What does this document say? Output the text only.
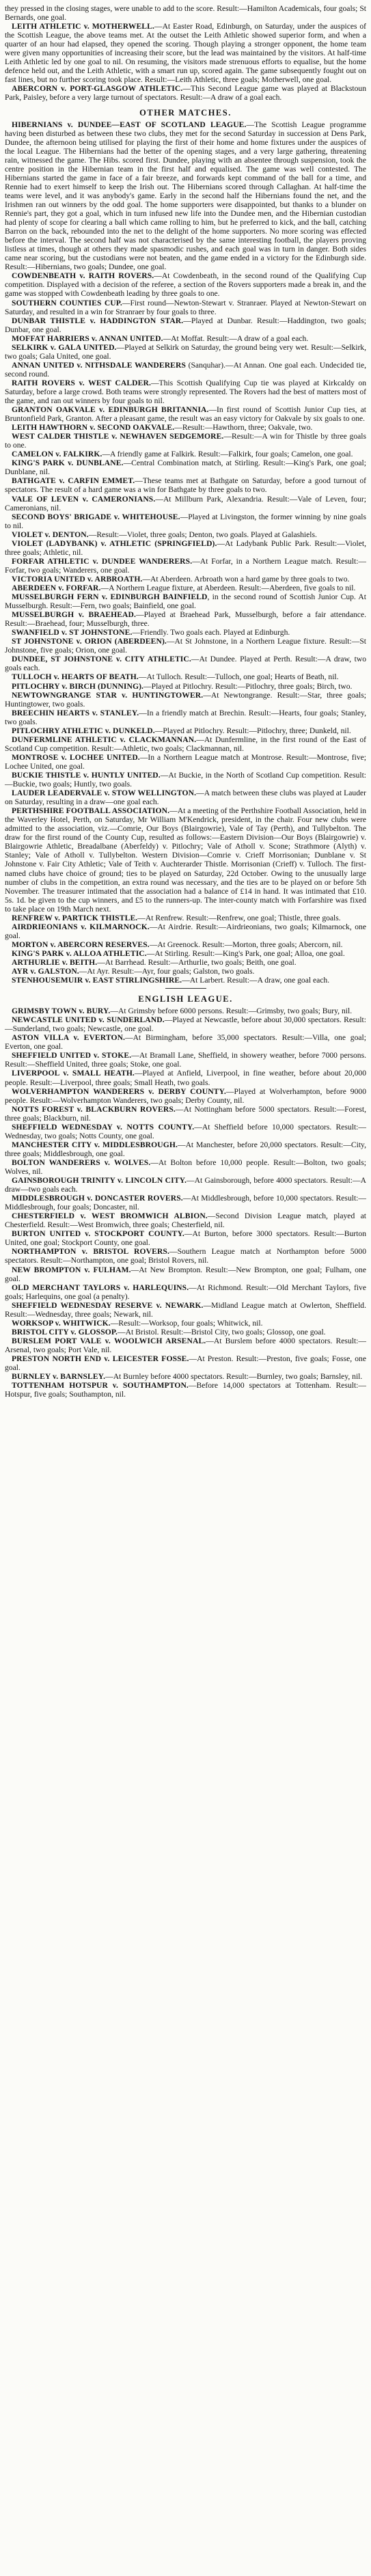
they pressed in the closing stages, were unable to add to the score. Result:—Hamilton Academicals, four goals; St Bernards, one goal.

LEITH ATHLETIC v. MOTHERWELL.—At Easter Road, Edinburgh, on Saturday, under the auspices of the Scottish League, the above teams met. At the outset the Leith Athletic showed superior form, and when a quarter of an hour had elapsed, they opened the scoring. Though playing a stronger opponent, the home team were given many opportunities of increasing their score, but the lead was maintained by the visitors. At half-time Leith Athletic led by one goal to nil. On resuming, the visitors made strenuous efforts to equalise, but the home defence held out, and the Leith Athletic, with a smart run up, scored again. The game subsequently fought out on fast lines, but no further scoring took place. Result:—Leith Athletic, three goals; Motherwell, one goal.

ABERCORN v. PORT-GLASGOW ATHLETIC.—This Second League game was played at Blackstoun Park, Paisley, before a very large turnout of spectators. Result:—A draw of a goal each.

OTHER MATCHES.

HIBERNIANS v. DUNDEE—EAST OF SCOTLAND LEAGUE.—The Scottish League programme having been disturbed as between these two clubs, they met for the second Saturday in succession at Dens Park, Dundee, the afternoon being utilised for playing the first of their home and home fixtures under the auspices of the local League. The Hibernians had the better of the opening stages, and a very large gathering, threatening rain, witnessed the game. The Hibs. scored first. Dundee, playing with an absentee through suspension, took the centre position in the Hibernian team in the first half and equalised. The game was well contested. The Hibernians started the game in face of a fair breeze, and forwards kept command of the ball for a time, and Rennie had to exert himself to keep the Irish out. The Hibernians scored through Callaghan. At half-time the teams were level, and it was anybody's game. Early in the second half the Hibernians found the net, and the Irishmen ran out winners by the odd goal. The home supporters were disappointed, but thanks to a blunder on Rennie's part, they got a goal, which in turn infused new life into the Dundee men, and the Hibernian custodian had plenty of scope for clearing a ball which came rolling to him, but he preferred to kick, and the ball, catching Barron on the back, rebounded into the net to the delight of the home supporters. No more scoring was effected before the interval. The second half was not characterised by the same interesting football, the players proving listless at times, though at others they made spasmodic rushes, and each goal was in turn in danger. Both sides came near scoring, but the custodians were not beaten, and the game ended in a victory for the Edinburgh side. Result:—Hibernians, two goals; Dundee, one goal.

COWDENBEATH v. RAITH ROVERS.—At Cowdenbeath, in the second round of the Qualifying Cup competition. Displayed with a decision of the referee, a section of the Rovers supporters made a break in, and the game was stopped with Cowdenbeath leading by three goals to one.

SOUTHERN COUNTIES CUP.—First round—Newton-Stewart v. Stranraer. Played at Newton-Stewart on Saturday, and resulted in a win for Stranraer by four goals to three.

DUNBAR THISTLE v. HADDINGTON STAR.—Played at Dunbar. Result:—Haddington, two goals; Dunbar, one goal.

MOFFAT HARRIERS v. ANNAN UNITED.—At Moffat. Result:—A draw of a goal each.

SELKIRK v. GALA UNITED.—Played at Selkirk on Saturday, the ground being very wet. Result:—Selkirk, two goals; Gala United, one goal.

ANNAN UNITED v. NITHSDALE WANDERERS (Sanquhar).—At Annan. One goal each. Undecided tie, second round.

RAITH ROVERS v. WEST CALDER.—This Scottish Qualifying Cup tie was played at Kirkcaldy on Saturday, before a large crowd. Both teams were strongly represented. The Rovers had the best of matters most of the game, and ran out winners by four goals to nil.

GRANTON OAKVALE v. EDINBURGH BRITANNIA.—In first round of Scottish Junior Cup ties, at Bruntonfield Park, Granton. After a pleasant game, the result was an easy victory for Oakvale by six goals to one.

LEITH HAWTHORN v. SECOND OAKVALE.—Result:—Hawthorn, three; Oakvale, two.

WEST CALDER THISTLE v. NEWHAVEN SEDGEMORE.—Result:—A win for Thistle by three goals to one.

CAMELON v. FALKIRK.—A friendly game at Falkirk. Result:—Falkirk, four goals; Camelon, one goal.

KING'S PARK v. DUNBLANE.—Central Combination match, at Stirling. Result:—King's Park, one goal; Dunblane, nil.

BATHGATE v. CARFIN EMMET.—These teams met at Bathgate on Saturday, before a good turnout of spectators. The result of a hard game was a win for Bathgate by three goals to two.

VALE OF LEVEN v. CAMERONIANS.—At Millburn Park, Alexandria. Result:—Vale of Leven, four; Cameronians, nil.

SECOND BOYS' BRIGADE v. WHITEHOUSE.—Played at Livingston, the former winning by nine goals to nil.

VIOLET v. DENTON.—Result:—Violet, three goals; Denton, two goals. Played at Galashiels.

VIOLET (LADYBANK) v. ATHLETIC (SPRINGFIELD).—At Ladybank Public Park. Result:—Violet, three goals; Athletic, nil.

FORFAR ATHLETIC v. DUNDEE WANDERERS.—At Forfar, in a Northern League match. Result:—Forfar, two goals; Wanderers, one goal.

VICTORIA UNITED v. ARBROATH.—At Aberdeen. Arbroath won a hard game by three goals to two.

ABERDEEN v. FORFAR.—A Northern League fixture, at Aberdeen. Result:—Aberdeen, five goals to nil.

MUSSELBURGH FERN v. EDINBURGH BAINFIELD, in the second round of Scottish Junior Cup. At Musselburgh. Result:—Fern, two goals; Bainfield, one goal.

MUSSELBURGH v. BRAEHEAD.—Played at Braehead Park, Musselburgh, before a fair attendance. Result:—Braehead, four; Musselburgh, three.

SWANFIELD v. ST JOHNSTONE.—Friendly. Two goals each. Played at Edinburgh.

ST JOHNSTONE v. ORION (ABERDEEN).—At St Johnstone, in a Northern League fixture. Result:—St Johnstone, five goals; Orion, one goal.

DUNDEE, ST JOHNSTONE v. CITY ATHLETIC.—At Dundee. Played at Perth. Result:—A draw, two goals each.

TULLOCH v. HEARTS OF BEATH.—At Tulloch. Result:—Tulloch, one goal; Hearts of Beath, nil.

PITLOCHRY v. BIRCH (DUNNING).—Played at Pitlochry. Result:—Pitlochry, three goals; Birch, two.

NEWTOWNGRANGE STAR v. HUNTINGTOWER.—At Newtongrange. Result:—Star, three goals; Huntingtower, two goals.

BREECHIN HEARTS v. STANLEY.—In a friendly match at Brechin. Result:—Hearts, four goals; Stanley, two goals.

PITLOCHRY ATHLETIC v. DUNKELD.—Played at Pitlochry. Result:—Pitlochry, three; Dunkeld, nil.

DUNFERMLINE ATHLETIC v. CLACKMANNAN.—At Dunfermline, in the first round of the East of Scotland Cup competition. Result:—Athletic, two goals; Clackmannan, nil.

MONTROSE v. LOCHEE UNITED.—In a Northern League match at Montrose. Result:—Montrose, five; Lochee United, one goal.

BUCKIE THISTLE v. HUNTLY UNITED.—At Buckie, in the North of Scotland Cup competition. Result:—Buckie, two goals; Huntly, two goals.

LAUDER LEADERVALE v. STOW WELLINGTON.—A match between these clubs was played at Lauder on Saturday, resulting in a draw—one goal each.

PERTHSHIRE FOOTBALL ASSOCIATION.—At a meeting of the Perthshire Football Association, held in the Waverley Hotel, Perth, on Saturday, Mr William M'Kendrick, president, in the chair. Four new clubs were admitted to the association, viz.—Comrie, Our Boys (Blairgowrie), Vale of Tay (Perth), and Tullybelton. The draw for the first round of the County Cup, resulted as follows:—Eastern Division—Our Boys (Blairgowrie) v. Blairgowrie Athletic, Breadalbane (Aberfeldy) v. Pitlochry; Vale of Atholl v. Scone; Strathmore (Alyth) v. Stanley; Vale of Atholl v. Tullybelton. Western Division—Comrie v. Crieff Morrisonian; Dunblane v. St Johnstone v. Fair City Athletic; Vale of Teith v. Auchterarder Thistle. Morrisonian (Crieff) v. Tulloch. The first-named clubs have choice of ground; ties to be played on Saturday, 22d October. Owing to the unusually large number of clubs in the competition, an extra round was necessary, and the ties are to be played on or before 5th November. The treasurer intimated that the association had a balance of £14 in hand. It was intimated that £10. 5s. 1d. be given to the cup winners, and £5 to the runners-up. The inter-county match with Forfarshire was fixed to take place on 19th March next.

RENFREW v. PARTICK THISTLE.—At Renfrew. Result:—Renfrew, one goal; Thistle, three goals.

AIRDRIEONIANS v. KILMARNOCK.—At Airdrie. Result:—Airdrieonians, two goals; Kilmarnock, one goal.

MORTON v. ABERCORN RESERVES.—At Greenock. Result:—Morton, three goals; Abercorn, nil.

KING'S PARK v. ALLOA ATHLETIC.—At Stirling. Result:—King's Park, one goal; Alloa, one goal.

ARTHURLIE v. BEITH.—At Barrhead. Result:—Arthurlie, two goals; Beith, one goal.

AYR v. GALSTON.—At Ayr. Result:—Ayr, four goals; Galston, two goals.

STENHOUSEMUIR v. EAST STIRLINGSHIRE.—At Larbert. Result:—A draw, one goal each.

ENGLISH LEAGUE.

GRIMSBY TOWN v. BURY.—At Grimsby before 6000 persons. Result:—Grimsby, two goals; Bury, nil.

NEWCASTLE UNITED v. SUNDERLAND.—Played at Newcastle, before about 30,000 spectators. Result:—Sunderland, two goals; Newcastle, one goal.

ASTON VILLA v. EVERTON.—At Birmingham, before 35,000 spectators. Result:—Villa, one goal; Everton, one goal.

SHEFFIELD UNITED v. STOKE.—At Bramall Lane, Sheffield, in showery weather, before 7000 persons. Result:—Sheffield United, three goals; Stoke, one goal.

LIVERPOOL v. SMALL HEATH.—Played at Anfield, Liverpool, in fine weather, before about 20,000 people. Result:—Liverpool, three goals; Small Heath, two goals.

WOLVERHAMPTON WANDERERS v. DERBY COUNTY.—Played at Wolverhampton, before 9000 people. Result:—Wolverhampton Wanderers, two goals; Derby County, nil.

NOTTS FOREST v. BLACKBURN ROVERS.—At Nottingham before 5000 spectators. Result:—Forest, three goals; Blackburn, nil.

SHEFFIELD WEDNESDAY v. NOTTS COUNTY.—At Sheffield before 10,000 spectators. Result:—Wednesday, two goals; Notts County, one goal.

MANCHESTER CITY v. MIDDLESBROUGH.—At Manchester, before 20,000 spectators. Result:—City, three goals; Middlesbrough, one goal.

BOLTON WANDERERS v. WOLVES.—At Bolton before 10,000 people. Result:—Bolton, two goals; Wolves, nil.

GAINSBOROUGH TRINITY v. LINCOLN CITY.—At Gainsborough, before 4000 spectators. Result:—A draw—two goals each.

MIDDLESBROUGH v. DONCASTER ROVERS.—At Middlesbrough, before 10,000 spectators. Result:—Middlesbrough, four goals; Doncaster, nil.

CHESTERFIELD v. WEST BROMWICH ALBION.—Second Division League match, played at Chesterfield. Result:—West Bromwich, three goals; Chesterfield, nil.

BURTON UNITED v. STOCKPORT COUNTY.—At Burton, before 3000 spectators. Result:—Burton United, one goal; Stockport County, one goal.

NORTHAMPTON v. BRISTOL ROVERS.—Southern League match at Northampton before 5000 spectators. Result:—Northampton, one goal; Bristol Rovers, nil.

NEW BROMPTON v. FULHAM.—At New Brompton. Result:—New Brompton, one goal; Fulham, one goal.

OLD MERCHANT TAYLORS v. HARLEQUINS.—At Richmond. Result:—Old Merchant Taylors, five goals; Harlequins, one goal (a penalty).

SHEFFIELD WEDNESDAY RESERVE v. NEWARK.—Midland League match at Owlerton, Sheffield. Result:—Wednesday, three goals; Newark, nil.

WORKSOP v. WHITWICK.—Result:—Worksop, four goals; Whitwick, nil.

BRISTOL CITY v. GLOSSOP.—At Bristol. Result:—Bristol City, two goals; Glossop, one goal.

BURSLEM PORT VALE v. WOOLWICH ARSENAL.—At Burslem before 4000 spectators. Result:—Arsenal, two goals; Port Vale, nil.

PRESTON NORTH END v. LEICESTER FOSSE.—At Preston. Result:—Preston, five goals; Fosse, one goal.

BURNLEY v. BARNSLEY.—At Burnley before 4000 spectators. Result:—Burnley, two goals; Barnsley, nil.

TOTTENHAM HOTSPUR v. SOUTHAMPTON.—Before 14,000 spectators at Tottenham. Result:—Hotspur, five goals; Southampton, nil.
